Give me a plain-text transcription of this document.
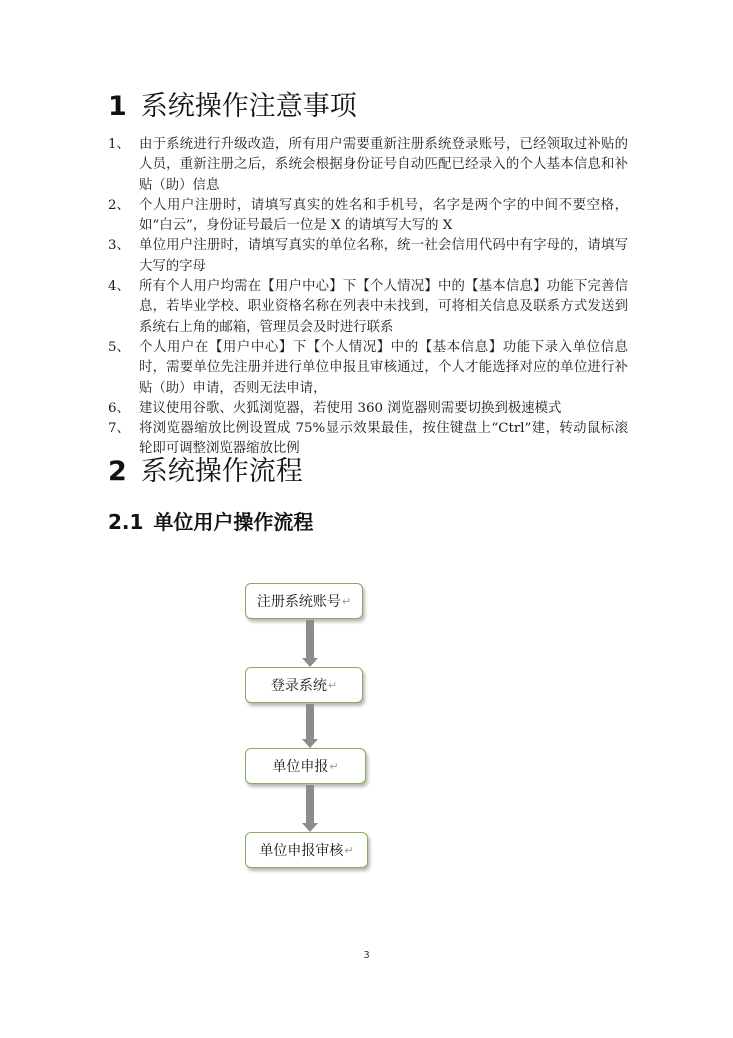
1 系统操作注意事项
1、 由于系统进行升级改造，所有用户需要重新注册系统登录账号，已经领取过补贴的人员，重新注册之后，系统会根据身份证号自动匹配已经录入的个人基本信息和补贴（助）信息
2、 个人用户注册时，请填写真实的姓名和手机号，名字是两个字的中间不要空格，如“白云”，身份证号最后一位是 X 的请填写大写的 X
3、 单位用户注册时，请填写真实的单位名称，统一社会信用代码中有字母的，请填写大写的字母
4、 所有个人用户均需在【用户中心】下【个人情况】中的【基本信息】功能下完善信息，若毕业学校、职业资格名称在列表中未找到，可将相关信息及联系方式发送到系统右上角的邮箱，管理员会及时进行联系
5、 个人用户在【用户中心】下【个人情况】中的【基本信息】功能下录入单位信息时，需要单位先注册并进行单位申报且审核通过，个人才能选择对应的单位进行补贴（助）申请，否则无法申请，
6、 建议使用谷歌、火狐浏览器，若使用 360 浏览器则需要切换到极速模式
7、 将浏览器缩放比例设置成 75%显示效果最佳，按住键盘上“Ctrl”建，转动鼠标滚轮即可调整浏览器缩放比例
2 系统操作流程
2.1 单位用户操作流程
注册系统账号 ↵
登录系统 ↵
单位申报 ↵
单位申报审核 ↵
3
